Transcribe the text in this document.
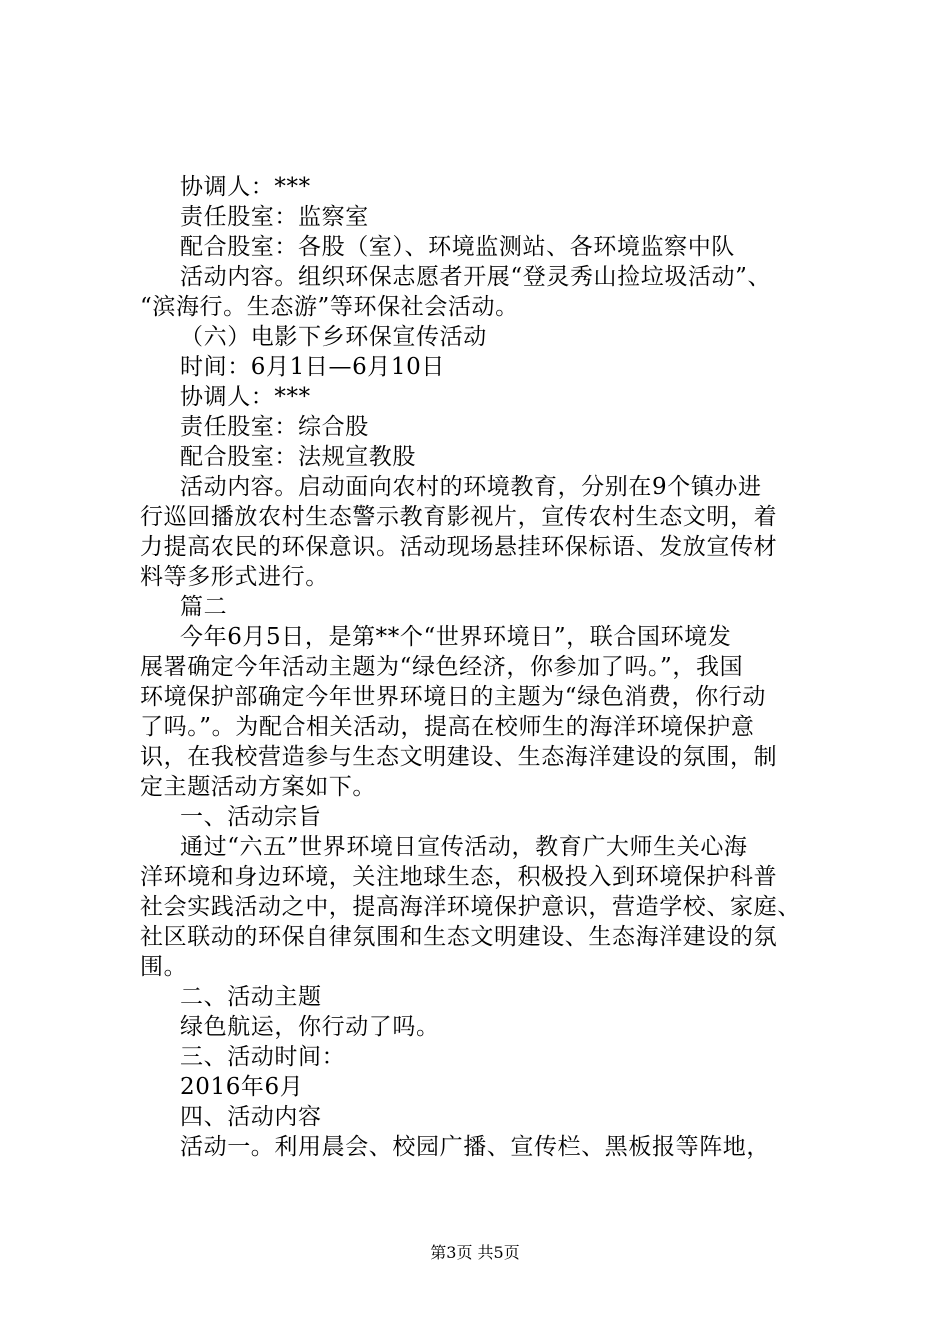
协调人：***
责任股室：监察室
配合股室：各股（室）、环境监测站、各环境监察中队
活动内容。组织环保志愿者开展“登灵秀山捡垃圾活动”、
“滨海行。生态游”等环保社会活动。
（六）电影下乡环保宣传活动
时间：6月1日—6月10日
协调人：***
责任股室：综合股
配合股室：法规宣教股
活动内容。启动面向农村的环境教育，分别在9个镇办进
行巡回播放农村生态警示教育影视片，宣传农村生态文明，着
力提高农民的环保意识。活动现场悬挂环保标语、发放宣传材
料等多形式进行。
篇二
今年6月5日，是第**个“世界环境日”，联合国环境发
展署确定今年活动主题为“绿色经济，你参加了吗。”，我国
环境保护部确定今年世界环境日的主题为“绿色消费，你行动
了吗。”。为配合相关活动，提高在校师生的海洋环境保护意
识，在我校营造参与生态文明建设、生态海洋建设的氛围，制
定主题活动方案如下。
一、活动宗旨
通过“六五”世界环境日宣传活动，教育广大师生关心海
洋环境和身边环境，关注地球生态，积极投入到环境保护科普
社会实践活动之中，提高海洋环境保护意识，营造学校、家庭、
社区联动的环保自律氛围和生态文明建设、生态海洋建设的氛
围。
二、活动主题
绿色航运，你行动了吗。
三、活动时间：
2016年6月
四、活动内容
活动一。利用晨会、校园广播、宣传栏、黑板报等阵地，
第3页 共5页
